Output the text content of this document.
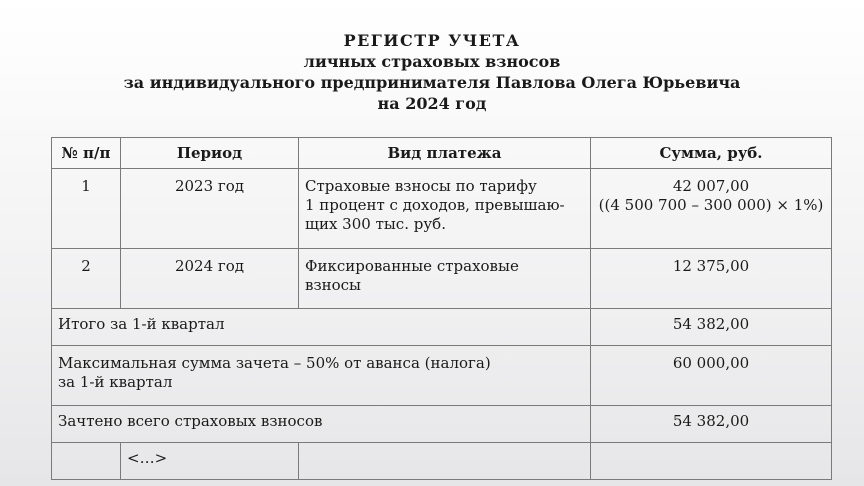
РЕГИСТР УЧЕТА
личных страховых взносов
за индивидуального предпринимателя Павлова Олега Юрьевича
на 2024 год
№ п/п	Период	Вид платежа	Сумма, руб.
1	2023 год	Страховые взносы по тарифу
1 процент с доходов, превышаю-
щих 300 тыс. руб.	42 007,00
((4 500 700 – 300 000) × 1%)

2	2024 год	Фиксированные страховые
взносы	12 375,00
Итого за 1-й квартал			54 382,00

Максимальная сумма зачета – 50% от аванса (налога)
за 1-й квартал			60 000,00
Зачтено всего страховых взносов			54 382,00
	<…>		
